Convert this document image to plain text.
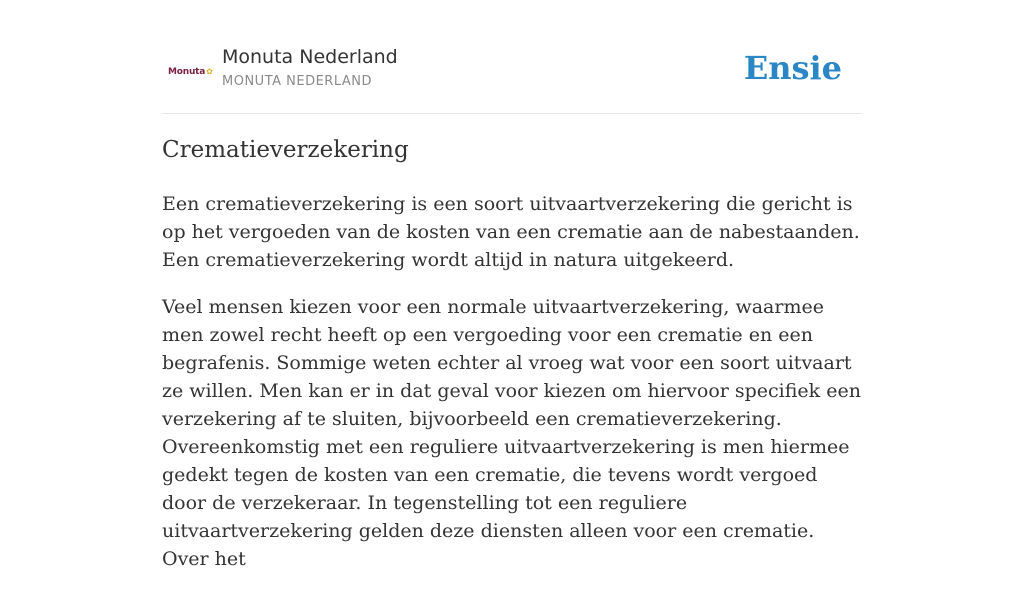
Monuta ✿
Monuta Nederland
MONUTA NEDERLAND	Ensie
Crematieverzekering

Een crematieverzekering is een soort uitvaartverzekering die gericht is op het vergoeden van de kosten van een crematie aan de nabestaanden. Een crematieverzekering wordt altijd in natura uitgekeerd.

Veel mensen kiezen voor een normale uitvaartverzekering, waarmee men zowel recht heeft op een vergoeding voor een crematie en een begrafenis. Sommige weten echter al vroeg wat voor een soort uitvaart ze willen. Men kan er in dat geval voor kiezen om hiervoor specifiek een verzekering af te sluiten, bijvoorbeeld een crematieverzekering. Overeenkomstig met een reguliere uitvaartverzekering is men hiermee gedekt tegen de kosten van een crematie, die tevens wordt vergoed door de verzekeraar. In tegenstelling tot een reguliere uitvaartverzekering gelden deze diensten alleen voor een crematie. Over het
